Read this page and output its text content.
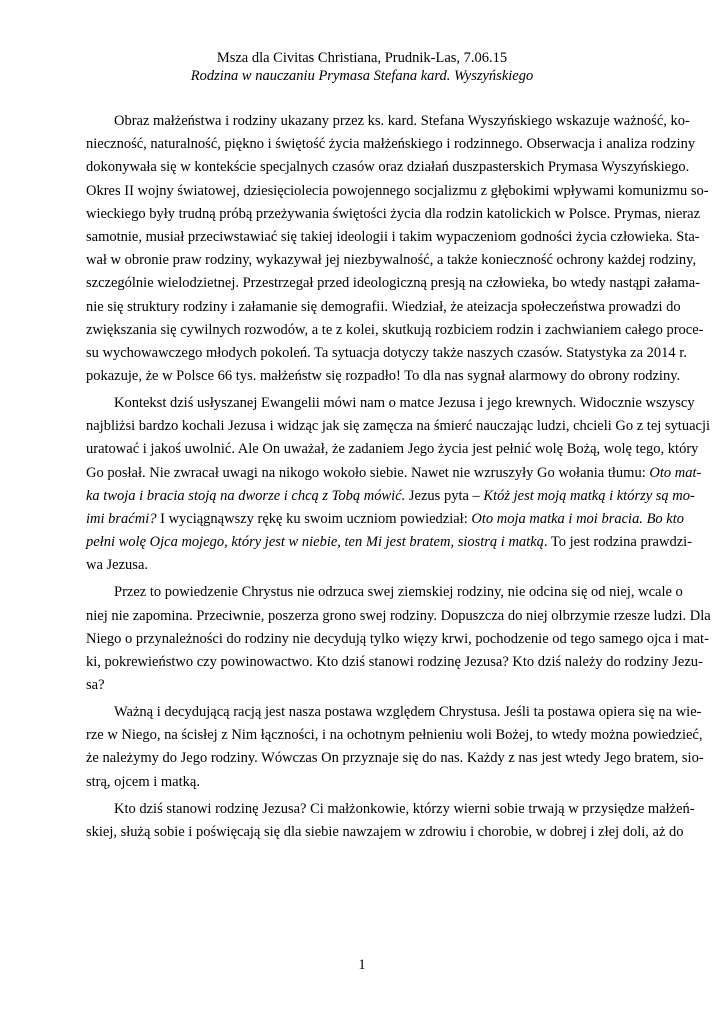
Msza dla Civitas Christiana, Prudnik-Las, 7.06.15
Rodzina w nauczaniu Prymasa Stefana kard. Wyszyńskiego
Obraz małżeństwa i rodziny ukazany przez ks. kard. Stefana Wyszyńskiego wskazuje ważność, ko-
nieczność, naturalność, piękno i świętość życia małżeńskiego i rodzinnego. Obserwacja i analiza rodziny
dokonywała się w kontekście specjalnych czasów oraz działań duszpasterskich Prymasa Wyszyńskiego.
Okres II wojny światowej, dziesięciolecia powojennego socjalizmu z głębokimi wpływami komunizmu so-
wieckiego były trudną próbą przeżywania świętości życia dla rodzin katolickich w Polsce. Prymas, nieraz
samotnie, musiał przeciwstawiać się takiej ideologii i takim wypaczeniom godności życia człowieka. Sta-
wał w obronie praw rodziny, wykazywał jej niezbywalność, a także konieczność ochrony każdej rodziny,
szczególnie wielodzietnej. Przestrzegał przed ideologiczną presją na człowieka, bo wtedy nastąpi załama-
nie się struktury rodziny i załamanie się demografii. Wiedział, że ateizacja społeczeństwa prowadzi do
zwiększania się cywilnych rozwodów, a te z kolei, skutkują rozbiciem rodzin i zachwianiem całego proce-
su wychowawczego młodych pokoleń. Ta sytuacja dotyczy także naszych czasów. Statystyka za 2014 r.
pokazuje, że w Polsce 66 tys. małżeństw się rozpadło! To dla nas sygnał alarmowy do obrony rodziny.
Kontekst dziś usłyszanej Ewangelii mówi nam o matce Jezusa i jego krewnych. Widocznie wszyscy
najbliżsi bardzo kochali Jezusa i widząc jak się zamęcza na śmierć nauczając ludzi, chcieli Go z tej sytuacji
uratować i jakoś uwolnić. Ale On uważał, że zadaniem Jego życia jest pełnić wolę Bożą, wolę tego, który
Go posłał. Nie zwracał uwagi na nikogo wokoło siebie. Nawet nie wzruszyły Go wołania tłumu: Oto mat-
ka twoja i bracia stoją na dworze i chcą z Tobą mówić. Jezus pyta – Któż jest moją matką i którzy są mo-
imi braćmi? I wyciągnąwszy rękę ku swoim uczniom powiedział: Oto moja matka i moi bracia. Bo kto
pełni wolę Ojca mojego, który jest w niebie, ten Mi jest bratem, siostrą i matką. To jest rodzina prawdzi-
wa Jezusa.
Przez to powiedzenie Chrystus nie odrzuca swej ziemskiej rodziny, nie odcina się od niej, wcale o
niej nie zapomina. Przeciwnie, poszerza grono swej rodziny. Dopuszcza do niej olbrzymie rzesze ludzi. Dla
Niego o przynależności do rodziny nie decydują tylko więzy krwi, pochodzenie od tego samego ojca i mat-
ki, pokrewieństwo czy powinowactwo. Kto dziś stanowi rodzinę Jezusa? Kto dziś należy do rodziny Jezu-
sa?
Ważną i decydującą racją jest nasza postawa względem Chrystusa. Jeśli ta postawa opiera się na wie-
rze w Niego, na ścisłej z Nim łączności, i na ochotnym pełnieniu woli Bożej, to wtedy można powiedzieć,
że należymy do Jego rodziny. Wówczas On przyznaje się do nas. Każdy z nas jest wtedy Jego bratem, sio-
strą, ojcem i matką.
Kto dziś stanowi rodzinę Jezusa? Ci małżonkowie, którzy wierni sobie trwają w przysiędze małżeń-
skiej, służą sobie i poświęcają się dla siebie nawzajem w zdrowiu i chorobie, w dobrej i złej doli, aż do
1
